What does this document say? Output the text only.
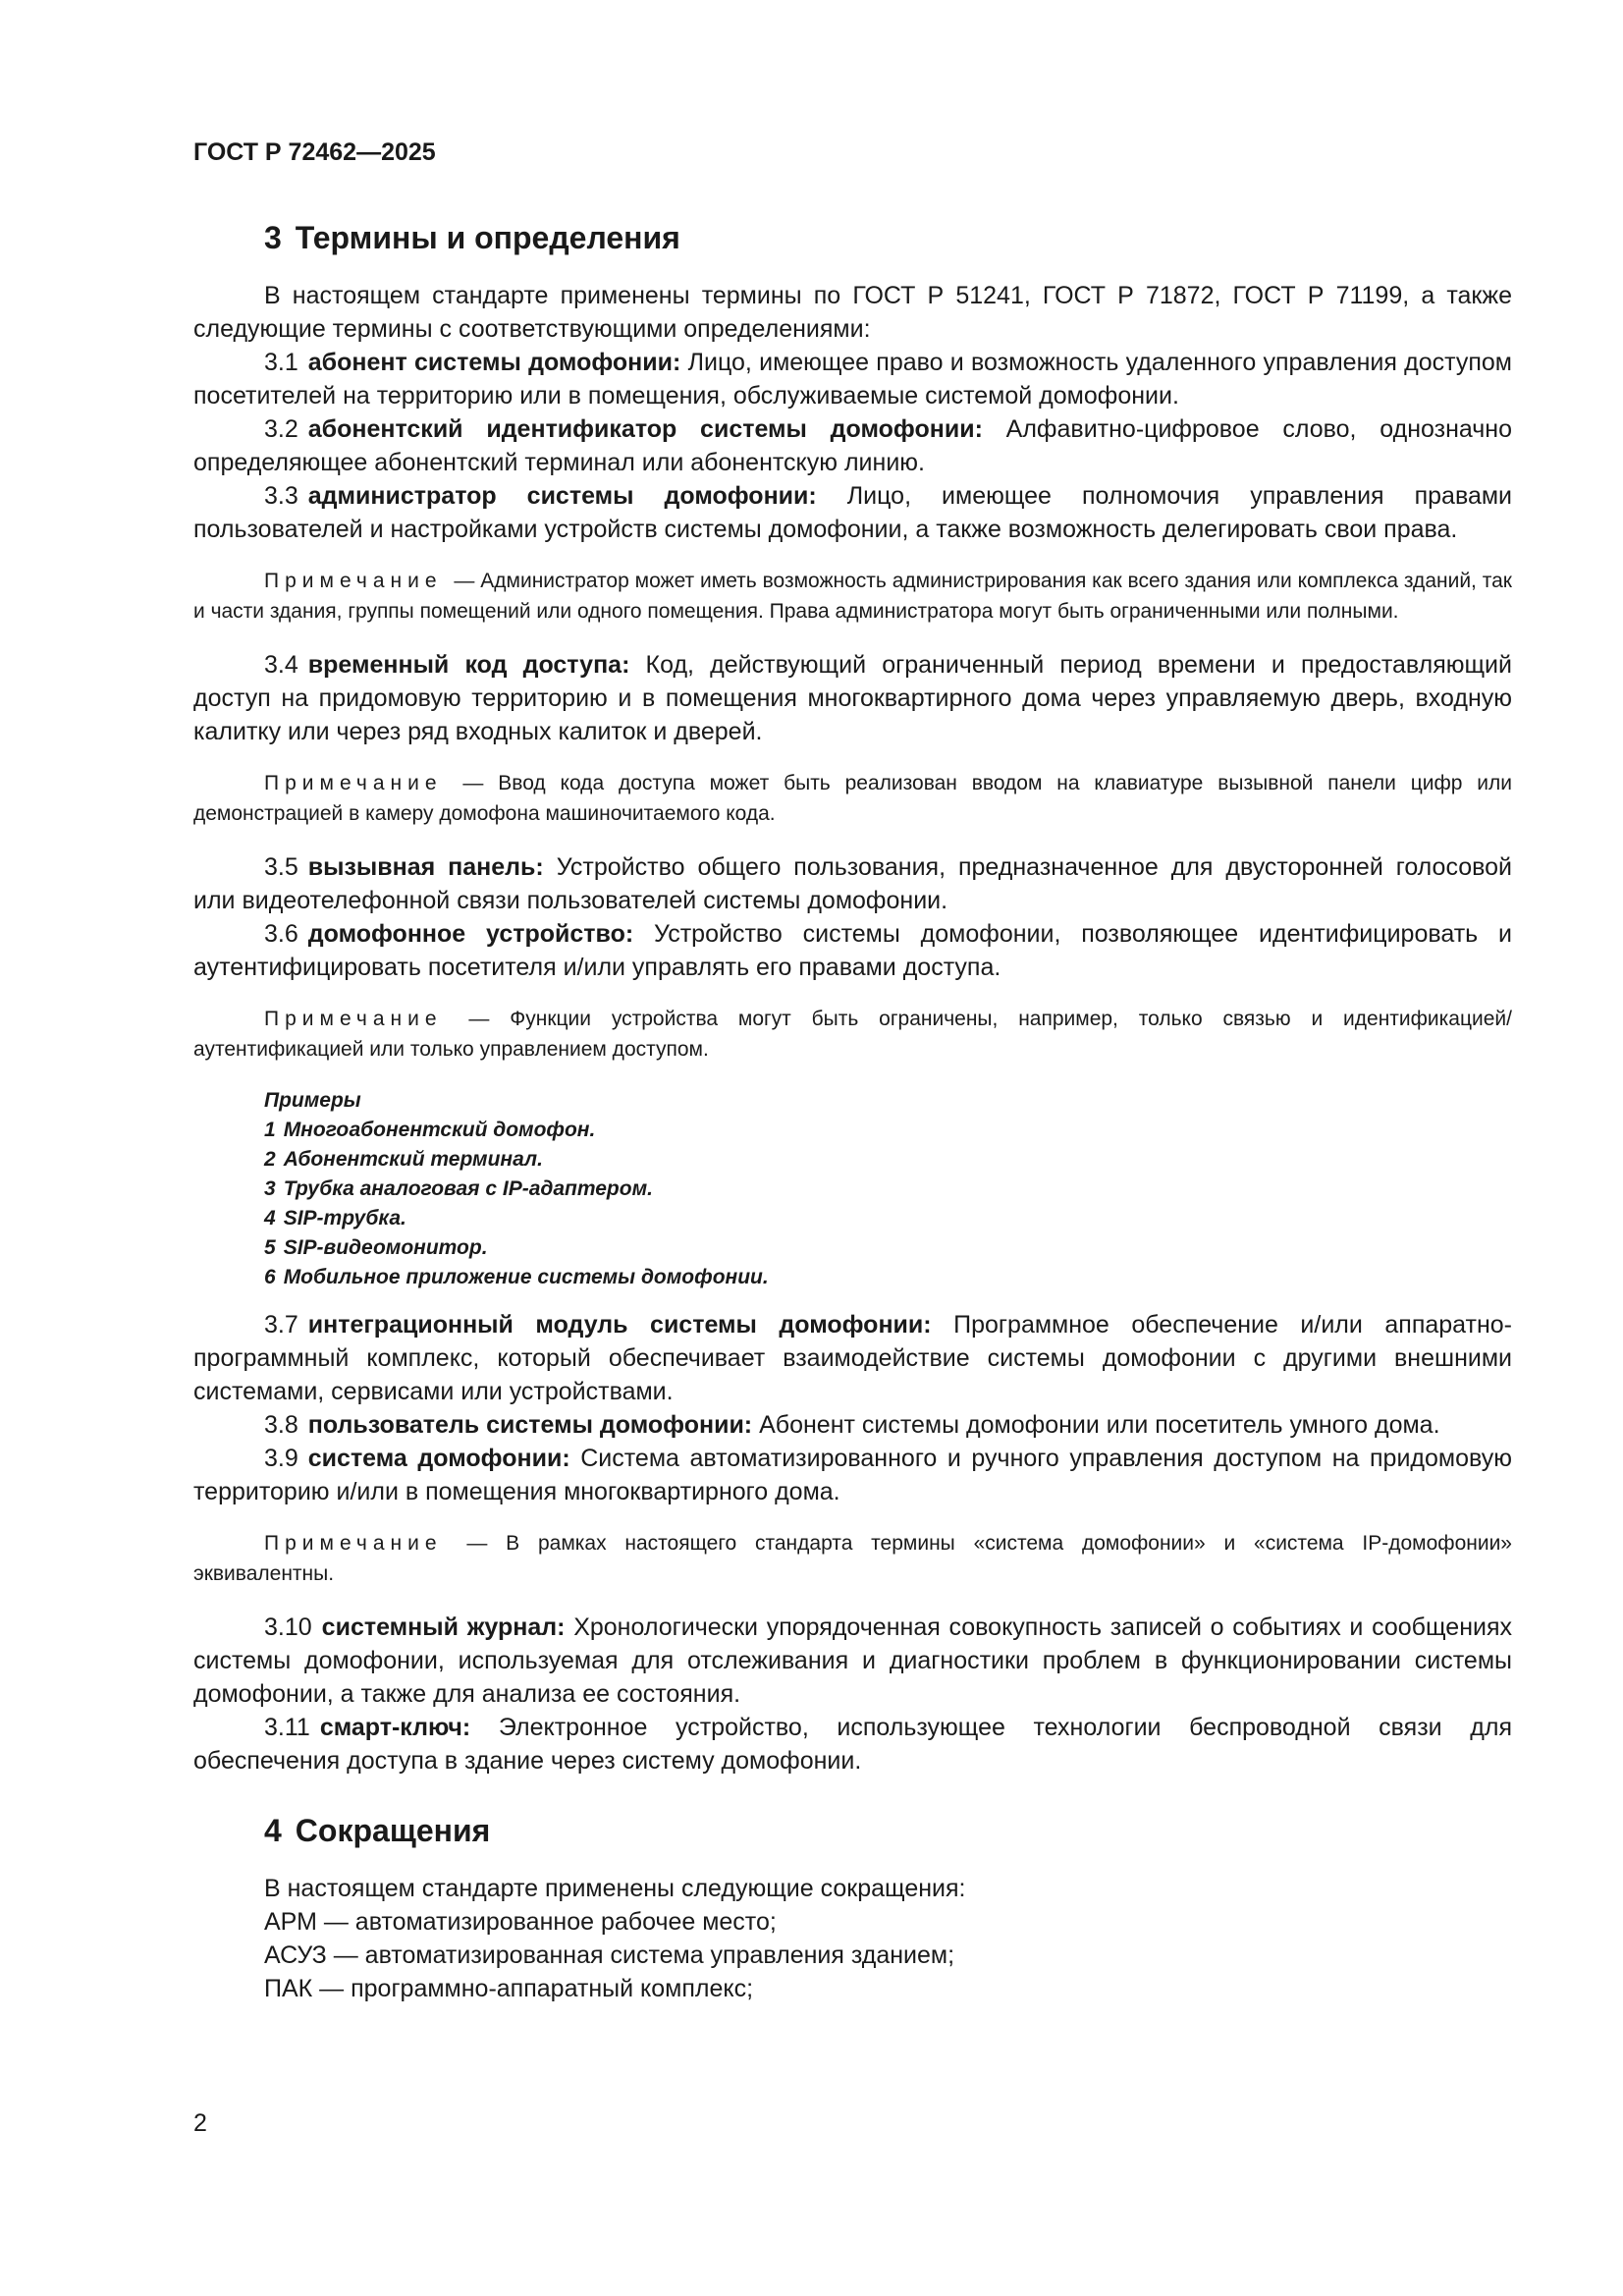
ГОСТ Р 72462—2025
3 Термины и определения

В настоящем стандарте применены термины по ГОСТ Р 51241, ГОСТ Р 71872, ГОСТ Р 71199, а также следующие термины с соответствующими определениями:

3.1 абонент системы домофонии: Лицо, имеющее право и возможность удаленного управления доступом посетителей на территорию или в помещения, обслуживаемые системой домофонии.

3.2 абонентский идентификатор системы домофонии: Алфавитно-цифровое слово, однозначно определяющее абонентский терминал или абонентскую линию.

3.3 администратор системы домофонии: Лицо, имеющее полномочия управления правами пользователей и настройками устройств системы домофонии, а также возможность делегировать свои права.

Примечание — Администратор может иметь возможность администрирования как всего здания или комплекса зданий, так и части здания, группы помещений или одного помещения. Права администратора могут быть ограниченными или полными.

3.4 временный код доступа: Код, действующий ограниченный период времени и предоставляющий доступ на придомовую территорию и в помещения многоквартирного дома через управляемую дверь, входную калитку или через ряд входных калиток и дверей.

Примечание — Ввод кода доступа может быть реализован вводом на клавиатуре вызывной панели цифр или демонстрацией в камеру домофона машиночитаемого кода.

3.5 вызывная панель: Устройство общего пользования, предназначенное для двусторонней голосовой или видеотелефонной связи пользователей системы домофонии.

3.6 домофонное устройство: Устройство системы домофонии, позволяющее идентифицировать и аутентифицировать посетителя и/или управлять его правами доступа.

Примечание — Функции устройства могут быть ограничены, например, только связью и идентификацией/аутентификацией или только управлением доступом.

Примеры
1 Многоабонентский домофон.
2 Абонентский терминал.
3 Трубка аналоговая с IP-адаптером.
4 SIP-трубка.
5 SIP-видеомонитор.
6 Мобильное приложение системы домофонии.

3.7 интеграционный модуль системы домофонии: Программное обеспечение и/или аппаратно-программный комплекс, который обеспечивает взаимодействие системы домофонии с другими внешними системами, сервисами или устройствами.

3.8 пользователь системы домофонии: Абонент системы домофонии или посетитель умного дома.

3.9 система домофонии: Система автоматизированного и ручного управления доступом на придомовую территорию и/или в помещения многоквартирного дома.

Примечание — В рамках настоящего стандарта термины «система домофонии» и «система IP-домофонии» эквивалентны.

3.10 системный журнал: Хронологически упорядоченная совокупность записей о событиях и сообщениях системы домофонии, используемая для отслеживания и диагностики проблем в функционировании системы домофонии, а также для анализа ее состояния.

3.11 смарт-ключ: Электронное устройство, использующее технологии беспроводной связи для обеспечения доступа в здание через систему домофонии.

4 Сокращения

В настоящем стандарте применены следующие сокращения:

АРМ — автоматизированное рабочее место;

АСУЗ — автоматизированная система управления зданием;

ПАК — программно-аппаратный комплекс;

2
